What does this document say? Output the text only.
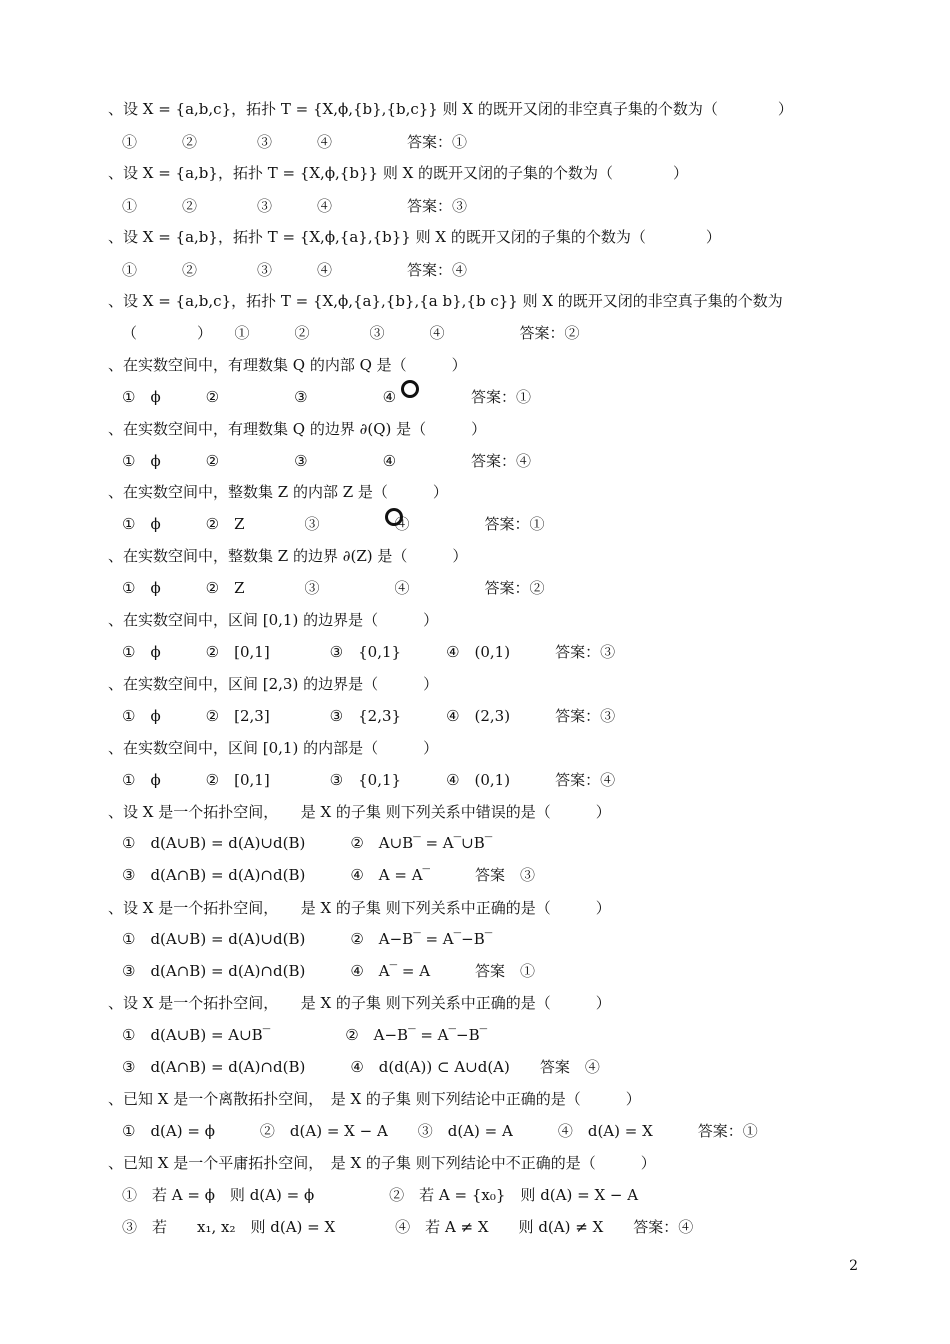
、设 X = {a,b,c}，拓扑 T = {X,ϕ,{b},{b,c}} 则 X 的既开又闭的非空真子集的个数为（　　　　）
①　　　②　　　　③　　　④　　　　　答案：①
、设 X = {a,b}，拓扑 T = {X,ϕ,{b}} 则 X 的既开又闭的子集的个数为（　　　　）
①　　　②　　　　③　　　④　　　　　答案：③
、设 X = {a,b}，拓扑 T = {X,ϕ,{a},{b}} 则 X 的既开又闭的子集的个数为（　　　　）
①　　　②　　　　③　　　④　　　　　答案：④
、设 X = {a,b,c}，拓扑 T = {X,ϕ,{a},{b},{a b},{b c}} 则 X 的既开又闭的非空真子集的个数为
（　　　　）　　①　　　②　　　　③　　　④　　　　　答案：②
、在实数空间中，有理数集 Q 的内部 Q 是（　　　）
①　ϕ　　　②　　　　　③　　　　　④　　　　　答案：①
、在实数空间中，有理数集 Q 的边界 ∂(Q) 是（　　　）
①　ϕ　　　②　　　　　③　　　　　④　　　　　答案：④
、在实数空间中，整数集 Z 的内部 Z 是（　　　）
①　ϕ　　　②　Z　　　　③　　　　　④　　　　　答案：①
、在实数空间中，整数集 Z 的边界 ∂(Z) 是（　　　）
①　ϕ　　　②　Z　　　　③　　　　　④　　　　　答案：②
、在实数空间中，区间 [0,1) 的边界是（　　　）
①　ϕ　　　②　[0,1]　　　　③　{0,1}　　　④　(0,1)　　　答案：③
、在实数空间中，区间 [2,3) 的边界是（　　　）
①　ϕ　　　②　[2,3]　　　　③　{2,3}　　　④　(2,3)　　　答案：③
、在实数空间中，区间 [0,1) 的内部是（　　　）
①　ϕ　　　②　[0,1]　　　　③　{0,1}　　　④　(0,1)　　　答案：④
、设 X 是一个拓扑空间，　　是 X 的子集 则下列关系中错误的是（　　　）
①　d(A∪B) = d(A)∪d(B)　　　②　A∪B‾ = A‾∪B‾
③　d(A∩B) = d(A)∩d(B)　　　④　A = A‾　　　答案　③
、设 X 是一个拓扑空间，　　是 X 的子集 则下列关系中正确的是（　　　）
①　d(A∪B) = d(A)∪d(B)　　　②　A−B‾ = A‾−B‾
③　d(A∩B) = d(A)∩d(B)　　　④　A‾ = A　　　答案　①
、设 X 是一个拓扑空间，　　是 X 的子集 则下列关系中正确的是（　　　）
①　d(A∪B) = A∪B‾　　　　　②　A−B‾ = A‾−B‾
③　d(A∩B) = d(A)∩d(B)　　　④　d(d(A)) ⊂ A∪d(A)　　答案　④
、已知 X 是一个离散拓扑空间，　是 X 的子集 则下列结论中正确的是（　　　）
①　d(A) = ϕ　　　②　d(A) = X − A　　③　d(A) = A　　　④　d(A) = X　　　答案：①
、已知 X 是一个平庸拓扑空间，　是 X 的子集 则下列结论中不正确的是（　　　）
①　若 A = ϕ　则 d(A) = ϕ　　　　　②　若 A = {x₀}　则 d(A) = X − A
③　若　　x₁, x₂　则 d(A) = X　　　　④　若 A ≠ X　　则 d(A) ≠ X　　答案：④
2
